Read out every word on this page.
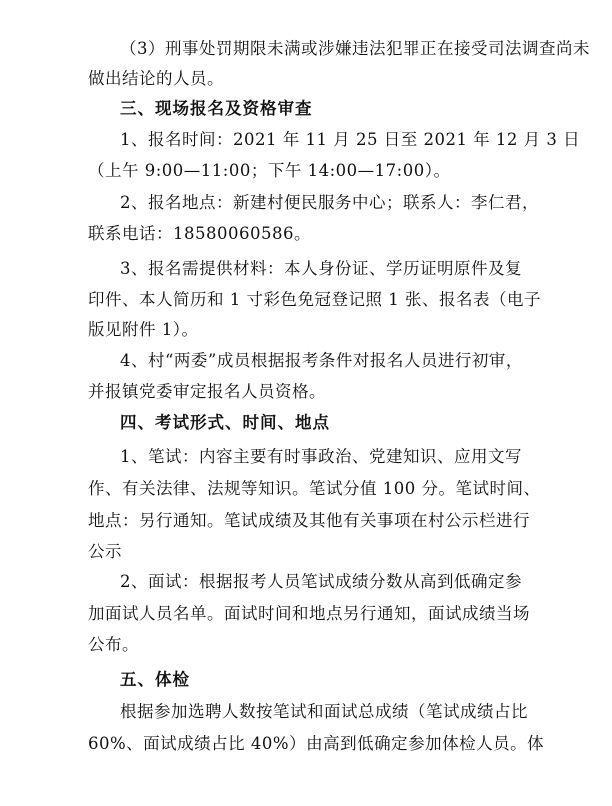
（3）刑事处罚期限未满或涉嫌违法犯罪正在接受司法调查尚未
做出结论的人员。
三、现场报名及资格审查
1、报名时间：2021 年 11 月 25 日至 2021 年 12 月 3 日
（上午 9:00—11:00；下午 14:00—17:00）。
2、报名地点：新建村便民服务中心；联系人：李仁君，
联系电话：18580060586。
3、报名需提供材料：本人身份证、学历证明原件及复
印件、本人简历和 1 寸彩色免冠登记照 1 张、报名表（电子
版见附件 1）。
4、村“两委”成员根据报考条件对报名人员进行初审，
并报镇党委审定报名人员资格。
四、考试形式、时间、地点
1、笔试：内容主要有时事政治、党建知识、应用文写
作、有关法律、法规等知识。笔试分值 100 分。笔试时间、
地点：另行通知。笔试成绩及其他有关事项在村公示栏进行
公示
2、面试：根据报考人员笔试成绩分数从高到低确定参
加面试人员名单。面试时间和地点另行通知，面试成绩当场
公布。
五、体检
根据参加选聘人数按笔试和面试总成绩（笔试成绩占比
60%、面试成绩占比 40%）由高到低确定参加体检人员。体
